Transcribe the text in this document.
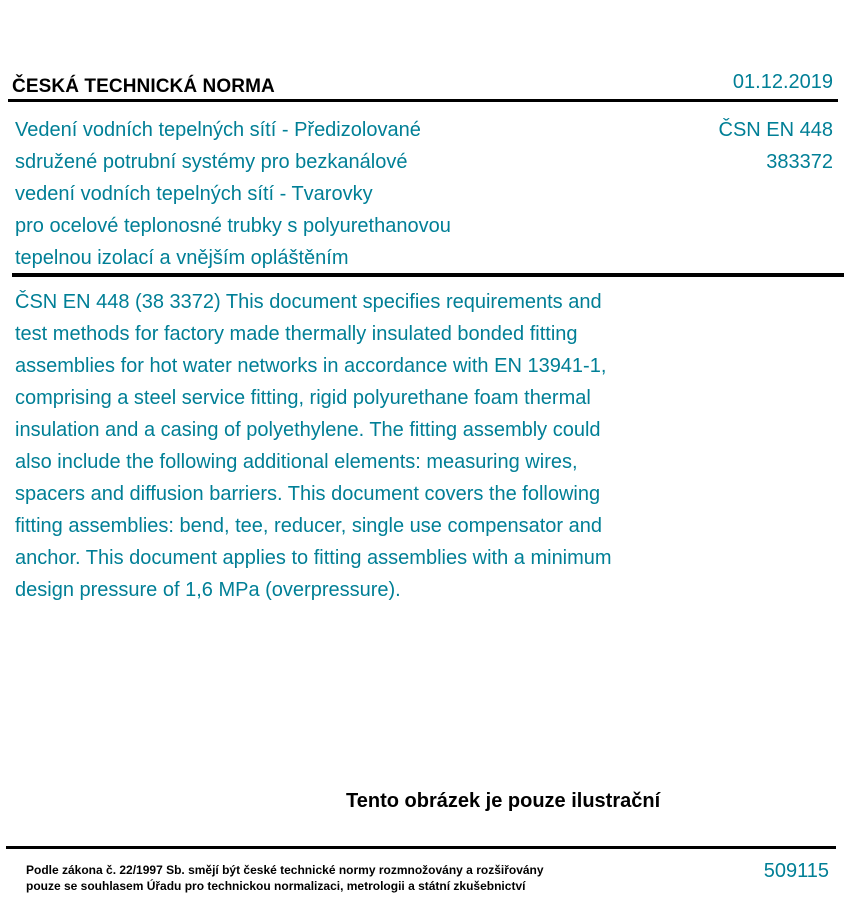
ČESKÁ TECHNICKÁ NORMA	01.12.2019
Vedení vodních tepelných sítí - Předizolované
sdružené potrubní systémy pro bezkanálové
vedení vodních tepelných sítí - Tvarovky
pro ocelové teplonosné trubky s polyurethanovou
tepelnou izolací a vnějším opláštěním
ČSN EN 448
383372
ČSN EN 448 (38 3372) This document specifies requirements and
test methods for factory made thermally insulated bonded fitting
assemblies for hot water networks in accordance with EN 13941-1,
comprising a steel service fitting, rigid polyurethane foam thermal
insulation and a casing of polyethylene. The fitting assembly could
also include the following additional elements: measuring wires,
spacers and diffusion barriers. This document covers the following
fitting assemblies: bend, tee, reducer, single use compensator and
anchor. This document applies to fitting assemblies with a minimum
design pressure of 1,6 MPa (overpressure).
Tento obrázek je pouze ilustrační
Podle zákona č. 22/1997 Sb. smějí být české technické normy rozmnožovány a rozšiřovány
pouze se souhlasem Úřadu pro technickou normalizaci, metrologii a státní zkušebnictví
509115
